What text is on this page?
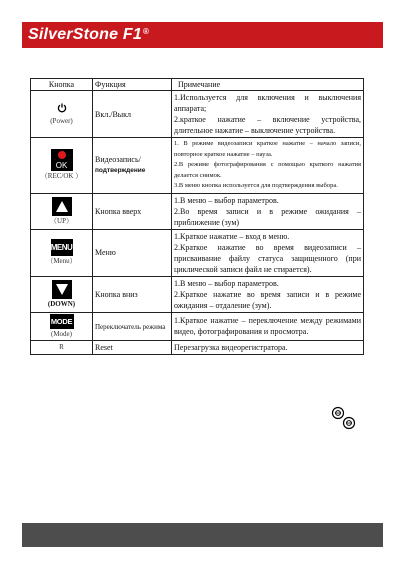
SilverStone F1®
Кнопка	Функция	Примечание

(Power)	Вкл./Выкл	1.Используется для включения и выключения аппарата;
2.краткое нажатие – включение устройства, длительное нажатие – выключение устройства.

OK
（REC/OK ）	Видеозапись/
подтверждение	1. В режиме видеозаписи краткое нажатие – начало записи, повторное краткое нажатие – пауза.
2.В режиме фотографирования с помощью краткого нажатия делается снимок.
3.В меню кнопка используется для подтверждения выбора.

（UP）	Кнопка вверх	1.В меню – выбор параметров.
2.Во время записи и в режиме ожидания – приближение (зум)

MENU
（Menu）	Меню	1.Краткое нажатие – вход в меню.
2.Краткое нажатие во время видеозаписи – присваивание файлу статуса защищенного (при циклической записи файл не стирается).

(DOWN)	Кнопка вниз	1.В меню – выбор параметров.
2.Краткое нажатие во время записи и в режиме ожидания – отдаление (зум).

MODE
(Mode)	Переключатель режима	1.Краткое нажатие – переключение между режимами видео, фотографирования и просмотра.

R	Reset	Перезагрузка видеорегистратора.
